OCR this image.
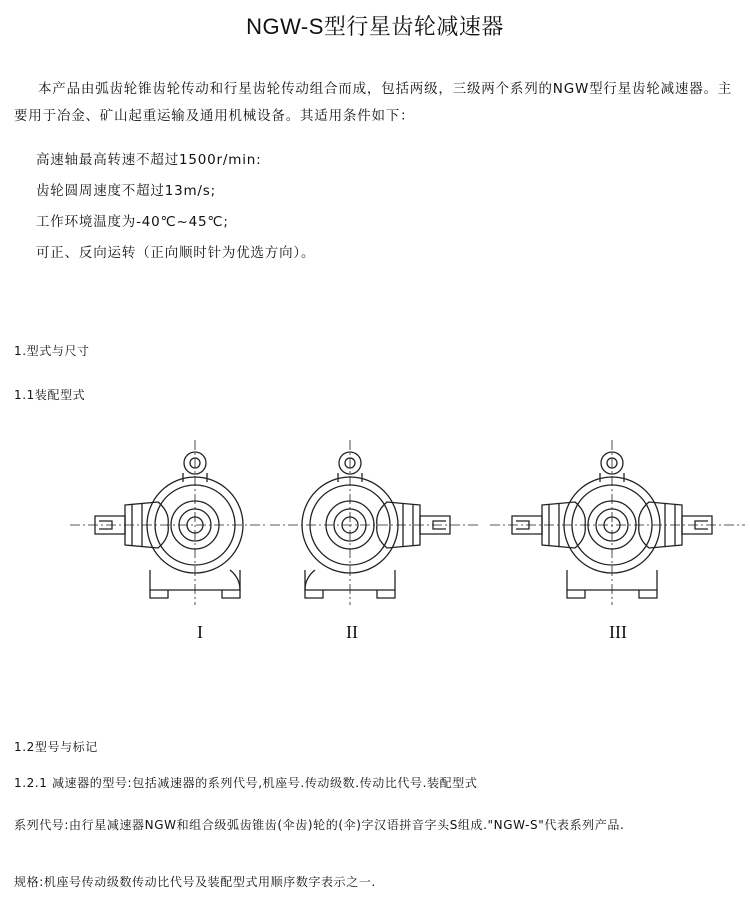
NGW-S型行星齿轮减速器

本产品由弧齿轮锥齿轮传动和行星齿轮传动组合而成，包括两级，三级两个系列的NGW型行星齿轮减速器。主要用于冶金、矿山起重运输及通用机械设备。其适用条件如下：

高速轴最高转速不超过1500r/min:
齿轮圆周速度不超过13m/s;
工作环境温度为-40℃~45℃;
可正、反向运转（正向顺时针为优选方向）。
1.型式与尺寸
1.1装配型式
I	II	III
1.2型号与标记
1.2.1 减速器的型号:包括减速器的系列代号,机座号.传动级数.传动比代号.装配型式
系列代号:由行星减速器NGW和组合级弧齿锥齿(伞齿)轮的(伞)字汉语拼音字头S组成."NGW-S"代表系列产品.
规格:机座号传动级数传动比代号及装配型式用顺序数字表示之一.
